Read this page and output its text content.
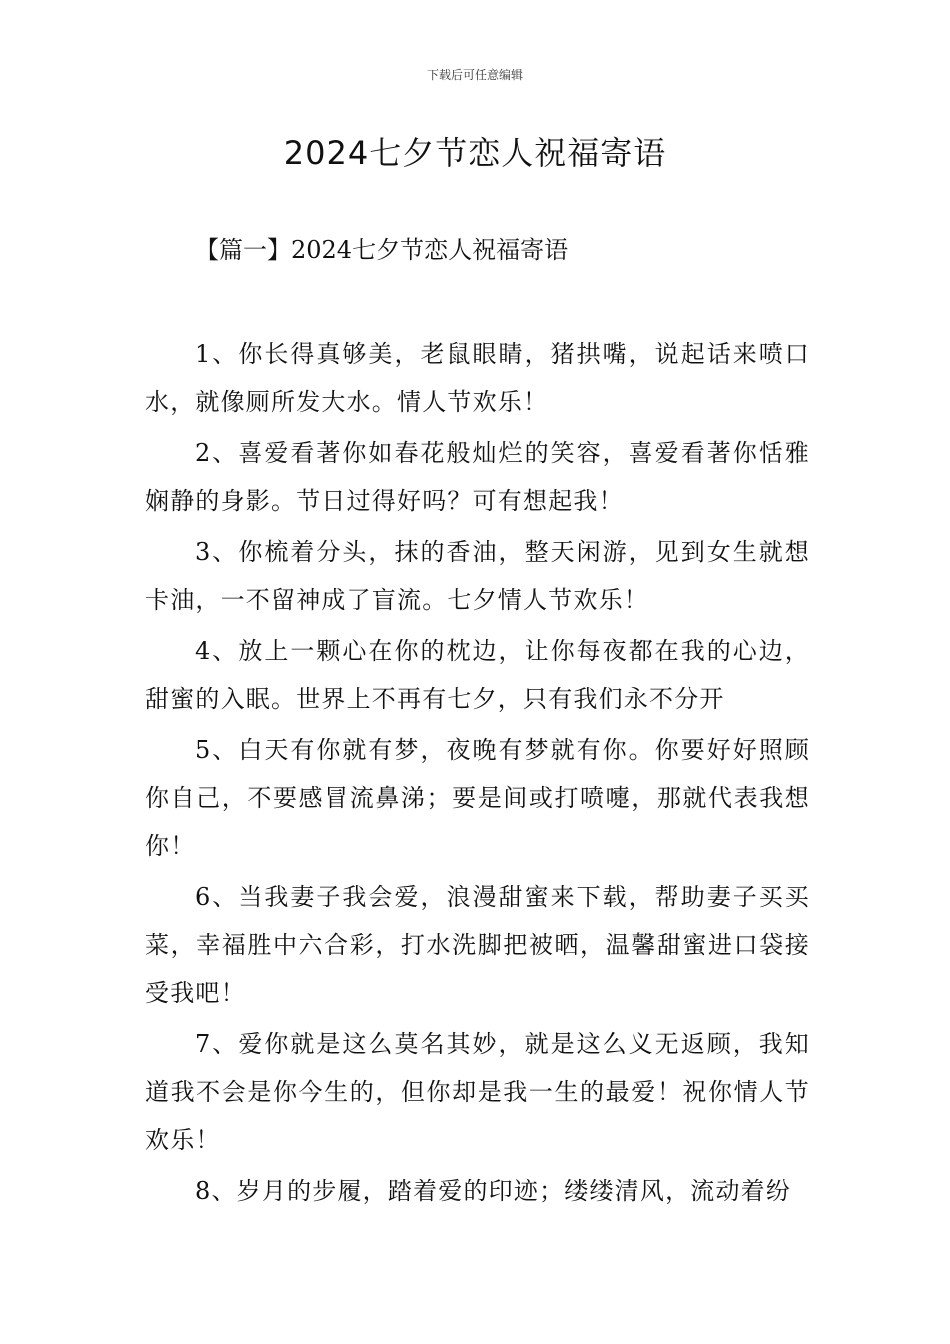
下载后可任意编辑
2024七夕节恋人祝福寄语
【篇一】2024七夕节恋人祝福寄语

1、你长得真够美，老鼠眼睛，猪拱嘴，说起话来喷口水，就像厕所发大水。情人节欢乐！

2、喜爱看著你如春花般灿烂的笑容，喜爱看著你恬雅娴静的身影。节日过得好吗？可有想起我！

3、你梳着分头，抹的香油，整天闲游，见到女生就想卡油，一不留神成了盲流。七夕情人节欢乐！

4、放上一颗心在你的枕边，让你每夜都在我的心边，甜蜜的入眠。世界上不再有七夕，只有我们永不分开

5、白天有你就有梦，夜晚有梦就有你。你要好好照顾你自己，不要感冒流鼻涕；要是间或打喷嚏，那就代表我想你！

6、当我妻子我会爱，浪漫甜蜜来下载，帮助妻子买买菜，幸福胜中六合彩，打水洗脚把被晒，温馨甜蜜进口袋接受我吧！

7、爱你就是这么莫名其妙，就是这么义无返顾，我知道我不会是你今生的，但你却是我一生的最爱！祝你情人节欢乐！

8、岁月的步履，踏着爱的印迹；缕缕清风，流动着纷
